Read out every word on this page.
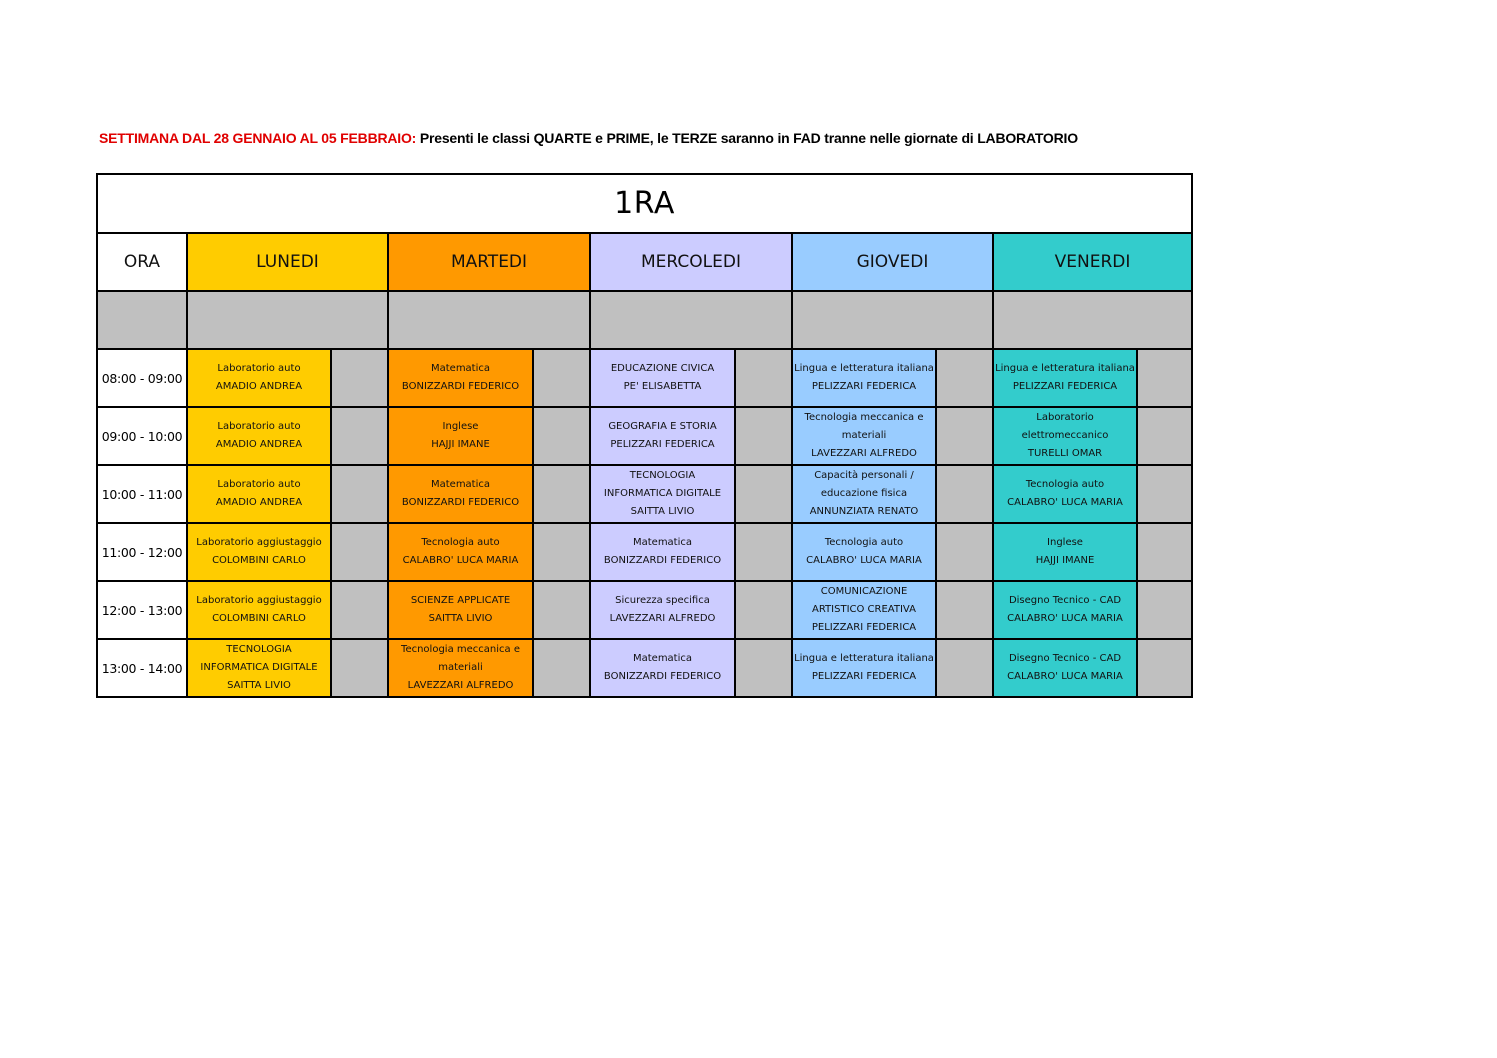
SETTIMANA DAL 28 GENNAIO AL 05 FEBBRAIO: Presenti le classi QUARTE e PRIME, le TERZE saranno in FAD tranne nelle giornate di LABORATORIO
1RA										
ORA	LUNEDI		MARTEDI		MERCOLEDI		GIOVEDI		VENERDI	

08:00 - 09:00	Laboratorio auto
AMADIO ANDREA		Matematica
BONIZZARDI FEDERICO		EDUCAZIONE CIVICA
PE' ELISABETTA		Lingua e letteratura italiana
PELIZZARI FEDERICA		Lingua e letteratura italiana
PELIZZARI FEDERICA	

09:00 - 10:00	Laboratorio auto
AMADIO ANDREA		Inglese
HAJJI IMANE		GEOGRAFIA E STORIA
PELIZZARI FEDERICA		Tecnologia meccanica e
materiali
LAVEZZARI ALFREDO		Laboratorio
elettromeccanico
TURELLI OMAR	

10:00 - 11:00	Laboratorio auto
AMADIO ANDREA		Matematica
BONIZZARDI FEDERICO		TECNOLOGIA
INFORMATICA DIGITALE
SAITTA LIVIO		Capacità personali /
educazione fisica
ANNUNZIATA RENATO		Tecnologia auto
CALABRO' LUCA MARIA	

11:00 - 12:00	Laboratorio aggiustaggio
COLOMBINI CARLO		Tecnologia auto
CALABRO' LUCA MARIA		Matematica
BONIZZARDI FEDERICO		Tecnologia auto
CALABRO' LUCA MARIA		Inglese
HAJJI IMANE	

12:00 - 13:00	Laboratorio aggiustaggio
COLOMBINI CARLO		SCIENZE APPLICATE
SAITTA LIVIO		Sicurezza specifica
LAVEZZARI ALFREDO		COMUNICAZIONE
ARTISTICO CREATIVA
PELIZZARI FEDERICA		Disegno Tecnico - CAD
CALABRO' LUCA MARIA	

13:00 - 14:00	TECNOLOGIA
INFORMATICA DIGITALE
SAITTA LIVIO		Tecnologia meccanica e
materiali
LAVEZZARI ALFREDO		Matematica
BONIZZARDI FEDERICO		Lingua e letteratura italiana
PELIZZARI FEDERICA		Disegno Tecnico - CAD
CALABRO' LUCA MARIA	
